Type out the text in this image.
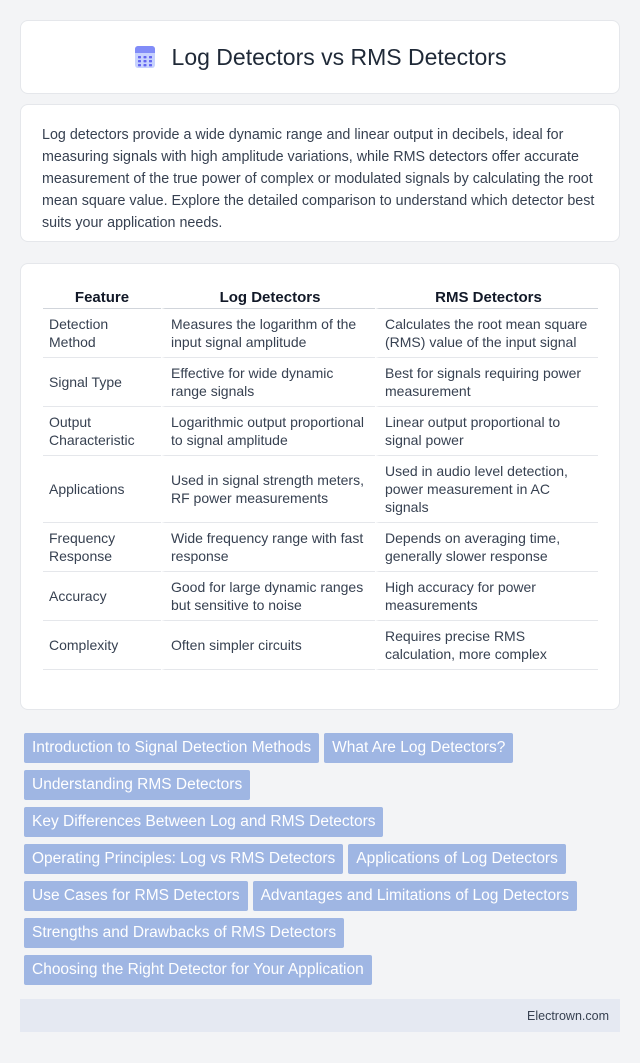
Log Detectors vs RMS Detectors

Log detectors provide a wide dynamic range and linear output in decibels, ideal for measuring signals with high amplitude variations, while RMS detectors offer accurate measurement of the true power of complex or modulated signals by calculating the root mean square value. Explore the detailed comparison to understand which detector best suits your application needs.

Feature	Log Detectors	RMS Detectors
Detection Method	Measures the logarithm of the input signal amplitude	Calculates the root mean square (RMS) value of the input signal
Signal Type	Effective for wide dynamic range signals	Best for signals requiring power measurement
Output Characteristic	Logarithmic output proportional to signal amplitude	Linear output proportional to signal power
Applications	Used in signal strength meters, RF power measurements	Used in audio level detection, power measurement in AC signals
Frequency Response	Wide frequency range with fast response	Depends on averaging time, generally slower response
Accuracy	Good for large dynamic ranges but sensitive to noise	High accuracy for power measurements
Complexity	Often simpler circuits	Requires precise RMS calculation, more complex
Introduction to Signal Detection Methods What Are Log Detectors?Understanding RMS DetectorsKey Differences Between Log and RMS DetectorsOperating Principles: Log vs RMS Detectors Applications of Log DetectorsUse Cases for RMS Detectors Advantages and Limitations of Log DetectorsStrengths and Drawbacks of RMS DetectorsChoosing the Right Detector for Your Application
Electrown.com
